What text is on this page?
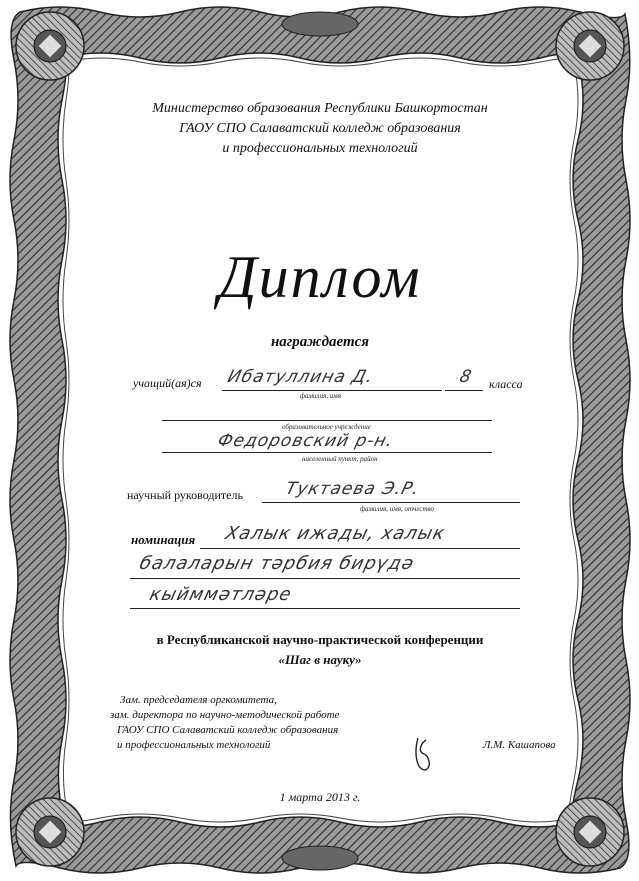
Министерство образования Республики Башкортостан
ГАОУ СПО Салаватский колледж образования
и профессиональных технологий
Диплом
награждается
учащий(ая)ся Ибатуллина Д.	8 класса
фамилия, имя
образовательное учреждение
Федоровский р-н.
населенный пункт, район
научный руководитель Туктаева Э.Р.
фамилия, имя, отчество
номинация Халык ижады, халык
балаларын тәрбия бирүдә
кыйммәтләре
в Республиканской научно-практической конференции
«Шаг в науку»
Зам. председателя оргкомитета,
зам. директора по научно-методической работе
ГАОУ СПО Салаватский колледж образования
и профессиональных технологий	Л.М. Кашапова
1 марта 2013 г.
